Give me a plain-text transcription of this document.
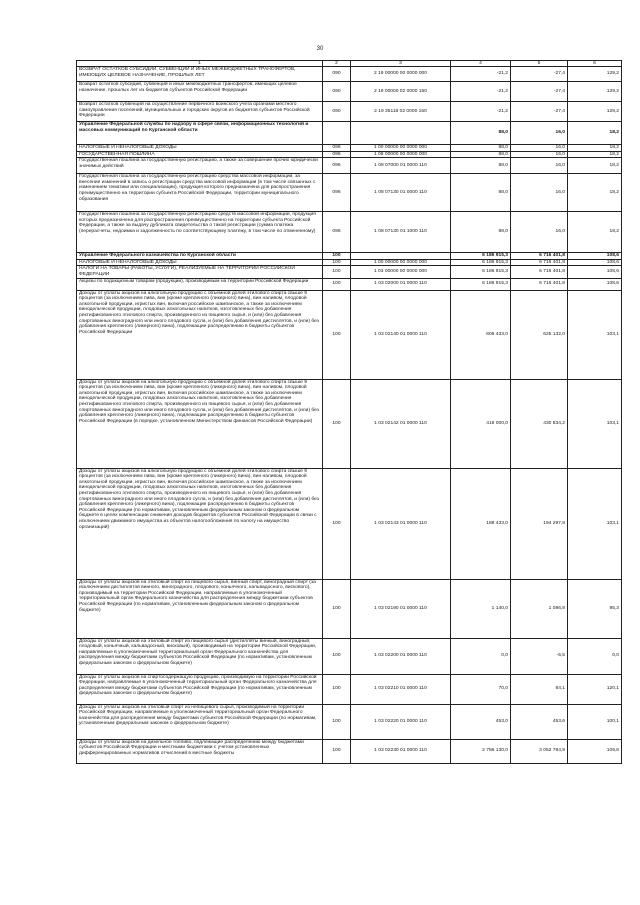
30
1	2	3	4	5	6
ВОЗВРАТ ОСТАТКОВ СУБСИДИЙ, СУБВЕНЦИЙ И ИНЫХ МЕЖБЮДЖЕТНЫХ ТРАНСФЕРТОВ, ИМЕЮЩИХ ЦЕЛЕВОЕ НАЗНАЧЕНИЕ, ПРОШЛЫХ ЛЕТ	090	2 19 00000 00 0000 000	-21,2	-27,4	129,2
Возврат остатков субсидий, субвенций и иных межбюджетных трансфертов, имеющих целевое назначение, прошлых лет из бюджетов субъектов Российской Федерации	090	2 19 00000 02 0000 150	-21,2	-27,4	129,2
Возврат остатков субвенций на осуществление первичного воинского учета органами местного самоуправления поселений, муниципальных и городских округов из бюджетов субъектов Российской Федерации	090	2 19 35118 02 0000 150	-21,2	-27,4	129,2
Управление Федеральной службы по надзору в сфере связи, информационных технологий и массовых коммуникаций по Курганской области			88,0	16,0	18,2
НАЛОГОВЫЕ И НЕНАЛОГОВЫЕ ДОХОДЫ	096	1 00 00000 00 0000 000	88,0	16,0	18,2
ГОСУДАРСТВЕННАЯ ПОШЛИНА	096	1 08 00000 00 0000 000	88,0	16,0	18,2
Государственная пошлина за государственную регистрацию, а также за совершение прочих юридически значимых действий	096	1 08 07000 01 0000 110	88,0	16,0	18,2
Государственная пошлина за государственную регистрацию средства массовой информации, за внесение изменений в запись о регистрации средства массовой информации (в том числе связанных с изменением тематики или специализации), продукция которого предназначена для распространения преимущественно на территории субъекта Российской Федерации, территории муниципального образования	096	1 08 07130 01 0000 110	88,0	16,0	18,2
Государственная пошлина за государственную регистрацию средств массовой информации, продукция которых предназначена для распространения преимущественно на территории субъекта Российской Федерации, а также за выдачу дубликата свидетельства о такой регистрации (сумма платежа (перерасчеты, недоимка и задолженность по соответствующему платежу, в том числе по отмененному)	096	1 08 07130 01 1000 110	88,0	16,0	18,2
Управление Федерального казначейства по Курганской области	100		6 186 915,3	6 716 401,8	108,6
НАЛОГОВЫЕ И НЕНАЛОГОВЫЕ ДОХОДЫ	100	1 00 00000 00 0000 000	6 186 915,3	6 716 401,8	108,6
НАЛОГИ НА ТОВАРЫ (РАБОТЫ, УСЛУГИ), РЕАЛИЗУЕМЫЕ НА ТЕРРИТОРИИ РОССИЙСКОЙ ФЕДЕРАЦИИ	100	1 03 00000 00 0000 000	6 186 915,3	6 716 401,8	108,6
Акцизы по подакцизным товарам (продукции), производимым на территории Российской Федерации	100	1 03 02000 01 0000 110	6 186 915,3	6 716 401,8	108,6
Доходы от уплаты акцизов на алкогольную продукцию с объемной долей этилового спирта свыше 9 процентов (за исключением пива, вин (кроме крепленого (ликерного) вина), вин наливом, плодовой алкогольной продукции, игристых вин, включая российское шампанское, а также за исключением винодельческой продукции, плодовых алкогольных напитков, изготовленных без добавления ректификованного этилового спирта, произведенного из пищевого сырья, и (или) без добавления спиртованных виноградного или иного плодового сусла, и (или) без добавления дистиллятов, и (или) без добавления крепленого (ликерного) вина), подлежащие распределению в бюджеты субъектов Российской Федерации	100	1 03 02140 01 0000 110	606 433,0	625 132,0	103,1
Доходы от уплаты акцизов на алкогольную продукцию с объемной долей этилового спирта свыше 9 процентов (за исключением пива, вин (кроме крепленого (ликерного) вина), вин наливом, плодовой алкогольной продукции, игристых вин, включая российское шампанское, а также за исключением винодельческой продукции, плодовых алкогольных напитков, изготовленных без добавления ректификованного этилового спирта, произведенного из пищевого сырья, и (или) без добавления спиртованных виноградного или иного плодового сусла, и (или) без добавления дистиллятов, и (или) без добавления крепленого (ликерного) вина), подлежащие распределению в бюджеты субъектов Российской Федерации (в порядке, установленном Министерством финансов Российской Федерации)	100	1 03 02142 01 0000 110	418 000,0	430 834,2	103,1
Доходы от уплаты акцизов на алкогольную продукцию с объемной долей этилового спирта свыше 9 процентов (за исключением пива, вин (кроме крепленого (ликерного) вина), вин наливом, плодовой алкогольной продукции, игристых вин, включая российское шампанское, а также за исключением винодельческой продукции, плодовых алкогольных напитков, изготовленных без добавления ректификованного этилового спирта, произведенного из пищевого сырья, и (или) без добавления спиртованных виноградного или иного плодового сусла, и (или) без добавления дистиллятов, и (или) без добавления крепленого (ликерного) вина), подлежащие распределению в бюджеты субъектов Российской Федерации (по нормативам, установленным федеральным законом о федеральном бюджете в целях компенсации снижения доходов бюджетов субъектов Российской Федерации в связи с исключением движимого имущества из объектов налогообложения по налогу на имущество организаций)	100	1 03 02143 01 0000 110	188 433,0	194 297,8	103,1
Доходы от уплаты акцизов на этиловый спирт из пищевого сырья, винный спирт, виноградный спирт (за исключением дистиллятов винного, виноградного, плодового, коньячного, кальвадосного, вискового), производимый на территории Российской Федерации, направляемые в уполномоченный территориальный орган Федерального казначейства для распределения между бюджетами субъектов Российской Федерации (по нормативам, установленным федеральным законом о федеральном бюджете)	100	1 03 02190 01 0000 110	1 140,0	1 086,8	95,3
Доходы от уплаты акцизов на этиловый спирт из пищевого сырья (дистилляты винный, виноградный, плодовый, коньячный, кальвадосный, висковый), производимый на территории Российской Федерации, направляемые в уполномоченный территориальный орган Федерального казначейства для распределения между бюджетами субъектов Российской Федерации (по нормативам, установленным федеральным законом о федеральном бюджете)	100	1 03 02200 01 0000 110	0,0	-5,5	0,0
Доходы от уплаты акцизов на спиртосодержащую продукцию, производимую на территории Российской Федерации, направляемые в уполномоченный территориальный орган Федерального казначейства для распределения между бюджетами субъектов Российской Федерации (по нормативам, установленным федеральным законом о федеральном бюджете)	100	1 03 02210 01 0000 110	70,0	84,1	120,1
Доходы от уплаты акцизов на этиловый спирт из непищевого сырья, производимый на территории Российской Федерации, направляемые в уполномоченный территориальный орган Федерального казначейства для распределения между бюджетами субъектов Российской Федерации (по нормативам, установленным федеральным законом о федеральном бюджете)	100	1 03 02220 01 0000 110	453,0	453,6	100,1
Доходы от уплаты акцизов на дизельное топливо, подлежащие распределению между бюджетами субъектов Российской Федерации и местными бюджетами с учетом установленных дифференцированных нормативов отчислений в местные бюджеты	100	1 03 02230 01 0000 110	2 786 130,0	3 052 784,9	109,6
